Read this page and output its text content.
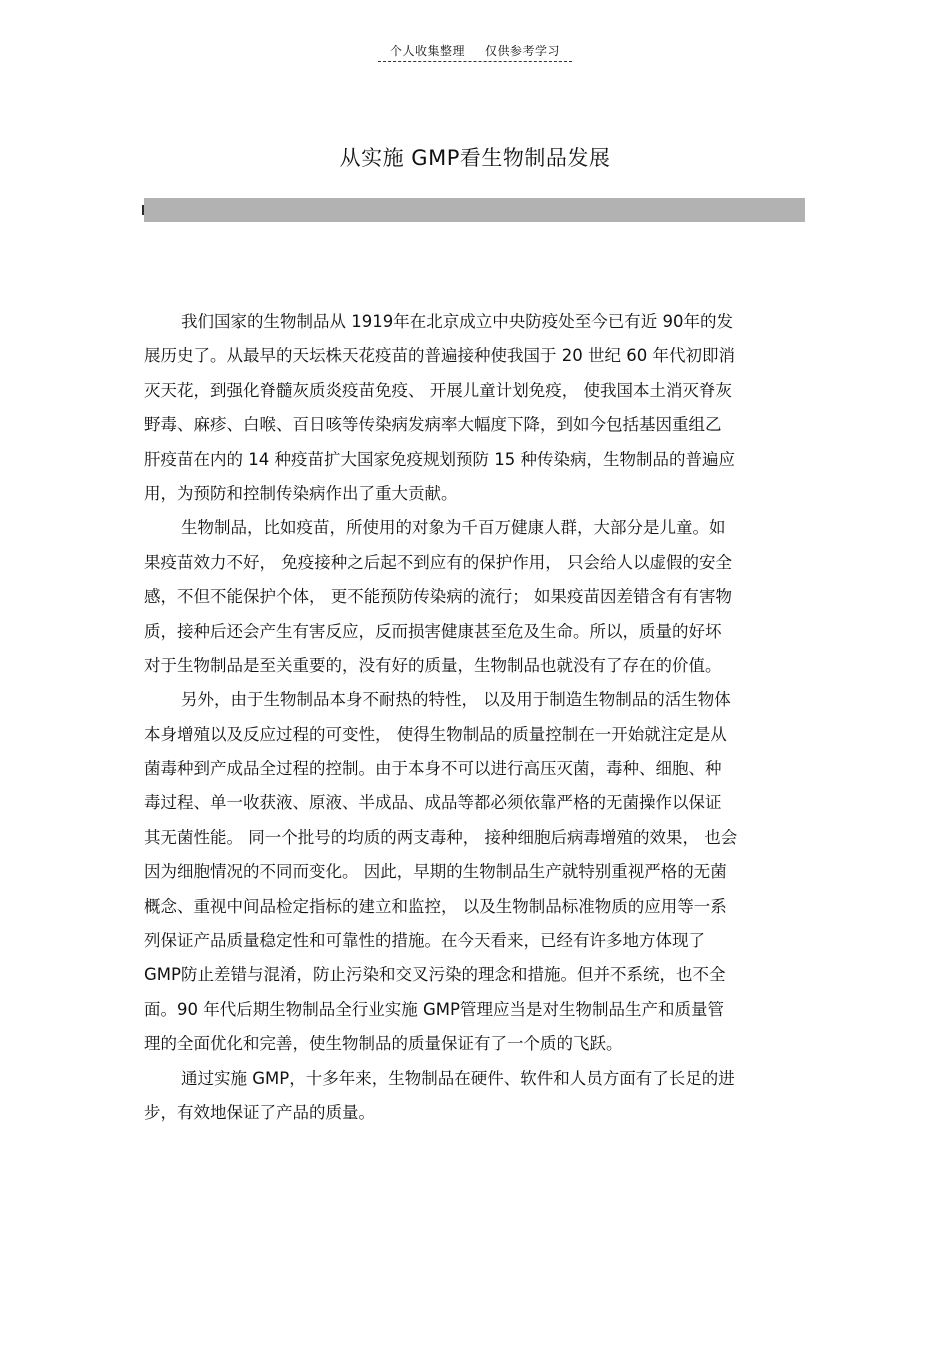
个人收集整理 仅供参考学习
从实施 GMP看生物制品发展
我们国家的生物制品从 1919年在北京成立中央防疫处至今已有近 90年的发
展历史了。从最早的天坛株天花疫苗的普遍接种使我国于 20 世纪 60 年代初即消
灭天花，到强化脊髓灰质炎疫苗免疫、 开展儿童计划免疫， 使我国本土消灭脊灰
野毒、麻疹、白喉、百日咳等传染病发病率大幅度下降，到如今包括基因重组乙
肝疫苗在内的 14 种疫苗扩大国家免疫规划预防 15 种传染病，生物制品的普遍应
用，为预防和控制传染病作出了重大贡献。
生物制品，比如疫苗，所使用的对象为千百万健康人群，大部分是儿童。如
果疫苗效力不好， 免疫接种之后起不到应有的保护作用， 只会给人以虚假的安全
感，不但不能保护个体， 更不能预防传染病的流行； 如果疫苗因差错含有有害物
质，接种后还会产生有害反应，反而损害健康甚至危及生命。所以，质量的好坏
对于生物制品是至关重要的，没有好的质量，生物制品也就没有了存在的价值。
另外，由于生物制品本身不耐热的特性， 以及用于制造生物制品的活生物体
本身增殖以及反应过程的可变性， 使得生物制品的质量控制在一开始就注定是从
菌毒种到产成品全过程的控制。由于本身不可以进行高压灭菌，毒种、细胞、种
毒过程、单一收获液、原液、半成品、成品等都必须依靠严格的无菌操作以保证
其无菌性能。 同一个批号的均质的两支毒种， 接种细胞后病毒增殖的效果， 也会
因为细胞情况的不同而变化。 因此，早期的生物制品生产就特别重视严格的无菌
概念、重视中间品检定指标的建立和监控， 以及生物制品标准物质的应用等一系
列保证产品质量稳定性和可靠性的措施。在今天看来，已经有许多地方体现了
GMP防止差错与混淆，防止污染和交叉污染的理念和措施。但并不系统，也不全
面。90 年代后期生物制品全行业实施 GMP管理应当是对生物制品生产和质量管
理的全面优化和完善，使生物制品的质量保证有了一个质的飞跃。
通过实施 GMP，十多年来，生物制品在硬件、软件和人员方面有了长足的进
步，有效地保证了产品的质量。
